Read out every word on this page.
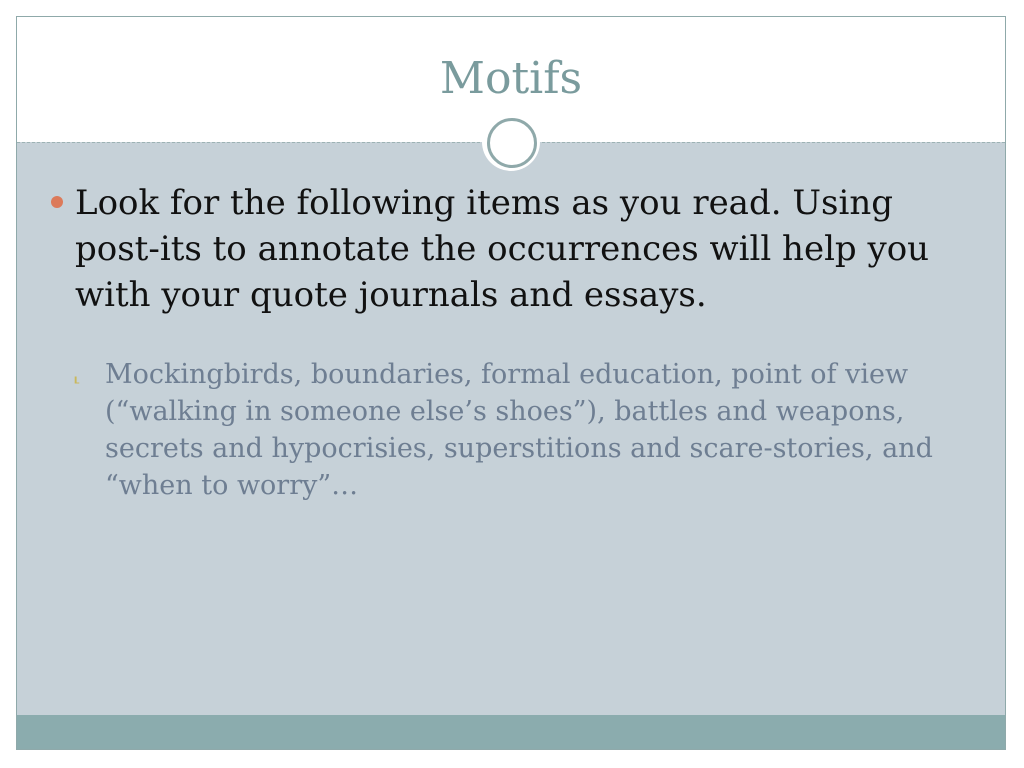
Motifs
Look for the following items as you read. Using post-its to annotate the occurrences will help you with your quote journals and essays.
⸤ Mockingbirds, boundaries, formal education, point of view (“walking in someone else’s shoes”), battles and weapons, secrets and hypocrisies, superstitions and scare-stories, and “when to worry”…
